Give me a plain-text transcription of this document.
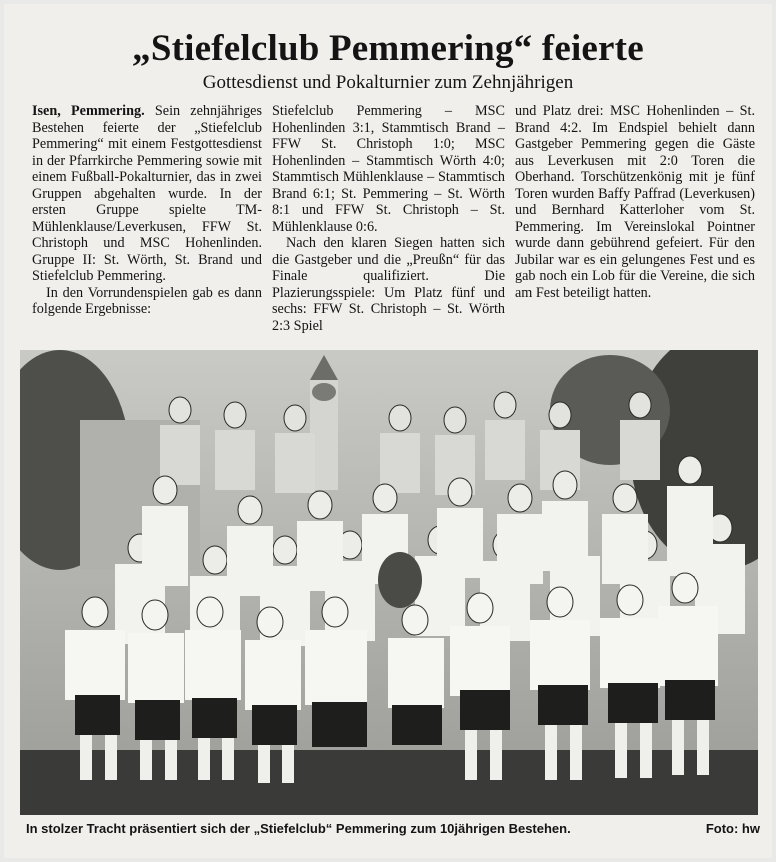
„Stiefelclub Pemmering“ feierte
Gottesdienst und Pokalturnier zum Zehnjährigen

Isen, Pemmering. Sein zehnjähriges Bestehen feierte der „Stiefelclub Pemmering“ mit einem Festgottesdienst in der Pfarrkirche Pemmering sowie mit einem Fußball-Pokalturnier, das in zwei Gruppen abgehalten wurde. In der ersten Gruppe spielte TM-Mühlenklause/Leverkusen, FFW St. Christoph und MSC Hohenlinden. Gruppe II: St. Wörth, St. Brand und Stiefelclub Pemmering.

In den Vorrundenspielen gab es dann folgende Ergebnisse:

Stiefelclub Pemmering – MSC Hohenlinden 3:1, Stammtisch Brand – FFW St. Christoph 1:0; MSC Hohenlinden – Stammtisch Wörth 4:0; Stammtisch Mühlenklause – Stammtisch Brand 6:1; St. Pemmering – St. Wörth 8:1 und FFW St. Christoph – St. Mühlenklause 0:6.

Nach den klaren Siegen hatten sich die Gastgeber und die „Preußn“ für das Finale qualifiziert. Die Plazierungsspiele: Um Platz fünf und sechs: FFW St. Christoph – St. Wörth 2:3 Spiel

und Platz drei: MSC Hohenlinden – St. Brand 4:2. Im Endspiel behielt dann Gastgeber Pemmering gegen die Gäste aus Leverkusen mit 2:0 Toren die Oberhand. Torschützenkönig mit je fünf Toren wurden Baffy Paffrad (Leverkusen) und Bernhard Katterloher vom St. Pemmering. Im Vereinslokal Pointner wurde dann gebührend gefeiert. Für den Jubilar war es ein gelungenes Fest und es gab noch ein Lob für die Vereine, die sich am Fest beteiligt hatten.

In stolzer Tracht präsentiert sich der „Stiefelclub“ Pemmering zum 10jährigen Bestehen.	Foto: hw
